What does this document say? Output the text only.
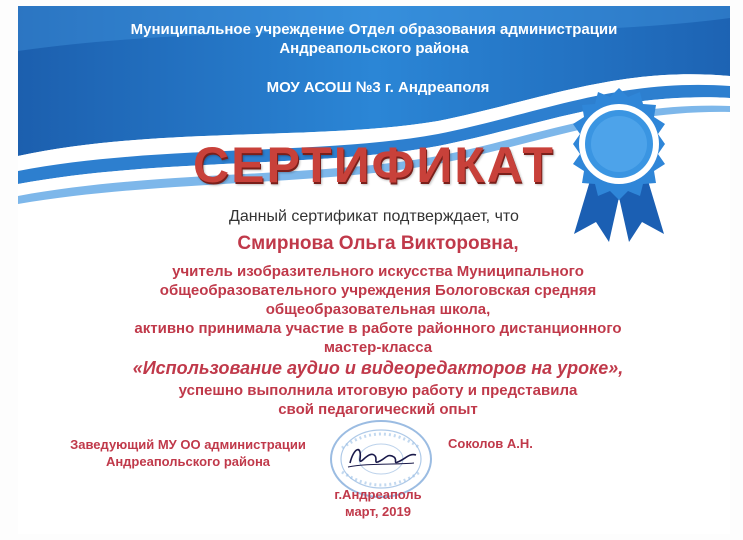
Муниципальное учреждение Отдел образования администрации
Андреапольского района
МОУ АСОШ №3 г. Андреаполя
СЕРТИФИКАТ
Данный сертификат подтверждает, что
Смирнова Ольга Викторовна,
учитель изобразительного искусства Муниципального
общеобразовательного учреждения Бологовская средняя
общеобразовательная школа,
активно принимала участие в работе районного дистанционного
мастер-класса
«Использование аудио и видеоредакторов на уроке»,
успешно выполнила итоговую работу и представила
свой педагогический опыт
Заведующий МУ ОО администрации
Андреапольского района
Соколов А.Н.
г.Андреаполь
март, 2019
